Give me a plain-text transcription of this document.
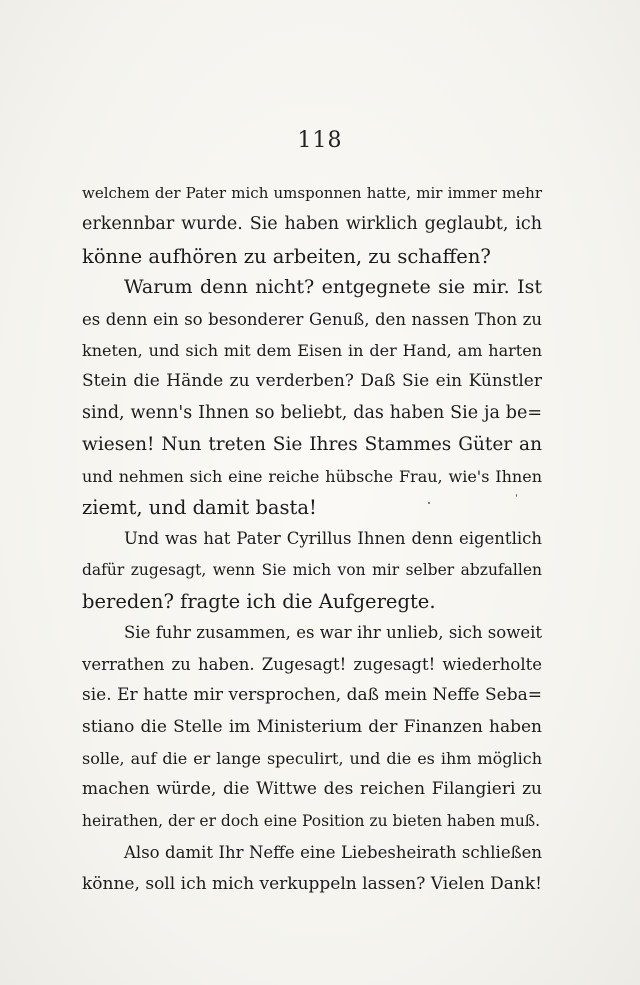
118
welchem der Pater mich umsponnen hatte, mir immer mehr
erkennbar wurde. Sie haben wirklich geglaubt, ich
könne aufhören zu arbeiten, zu schaffen?
Warum denn nicht? entgegnete sie mir. Ist
es denn ein so besonderer Genuß, den nassen Thon zu
kneten, und sich mit dem Eisen in der Hand, am harten
Stein die Hände zu verderben? Daß Sie ein Künstler
sind, wenn's Ihnen so beliebt, das haben Sie ja be=
wiesen! Nun treten Sie Ihres Stammes Güter an
und nehmen sich eine reiche hübsche Frau, wie's Ihnen
ziemt, und damit basta!
Und was hat Pater Cyrillus Ihnen denn eigentlich
dafür zugesagt, wenn Sie mich von mir selber abzufallen
bereden? fragte ich die Aufgeregte.
Sie fuhr zusammen, es war ihr unlieb, sich soweit
verrathen zu haben. Zugesagt! zugesagt! wiederholte
sie. Er hatte mir versprochen, daß mein Neffe Seba=
stiano die Stelle im Ministerium der Finanzen haben
solle, auf die er lange speculirt, und die es ihm möglich
machen würde, die Wittwe des reichen Filangieri zu
heirathen, der er doch eine Position zu bieten haben muß.
Also damit Ihr Neffe eine Liebesheirath schließen
könne, soll ich mich verkuppeln lassen? Vielen Dank!
